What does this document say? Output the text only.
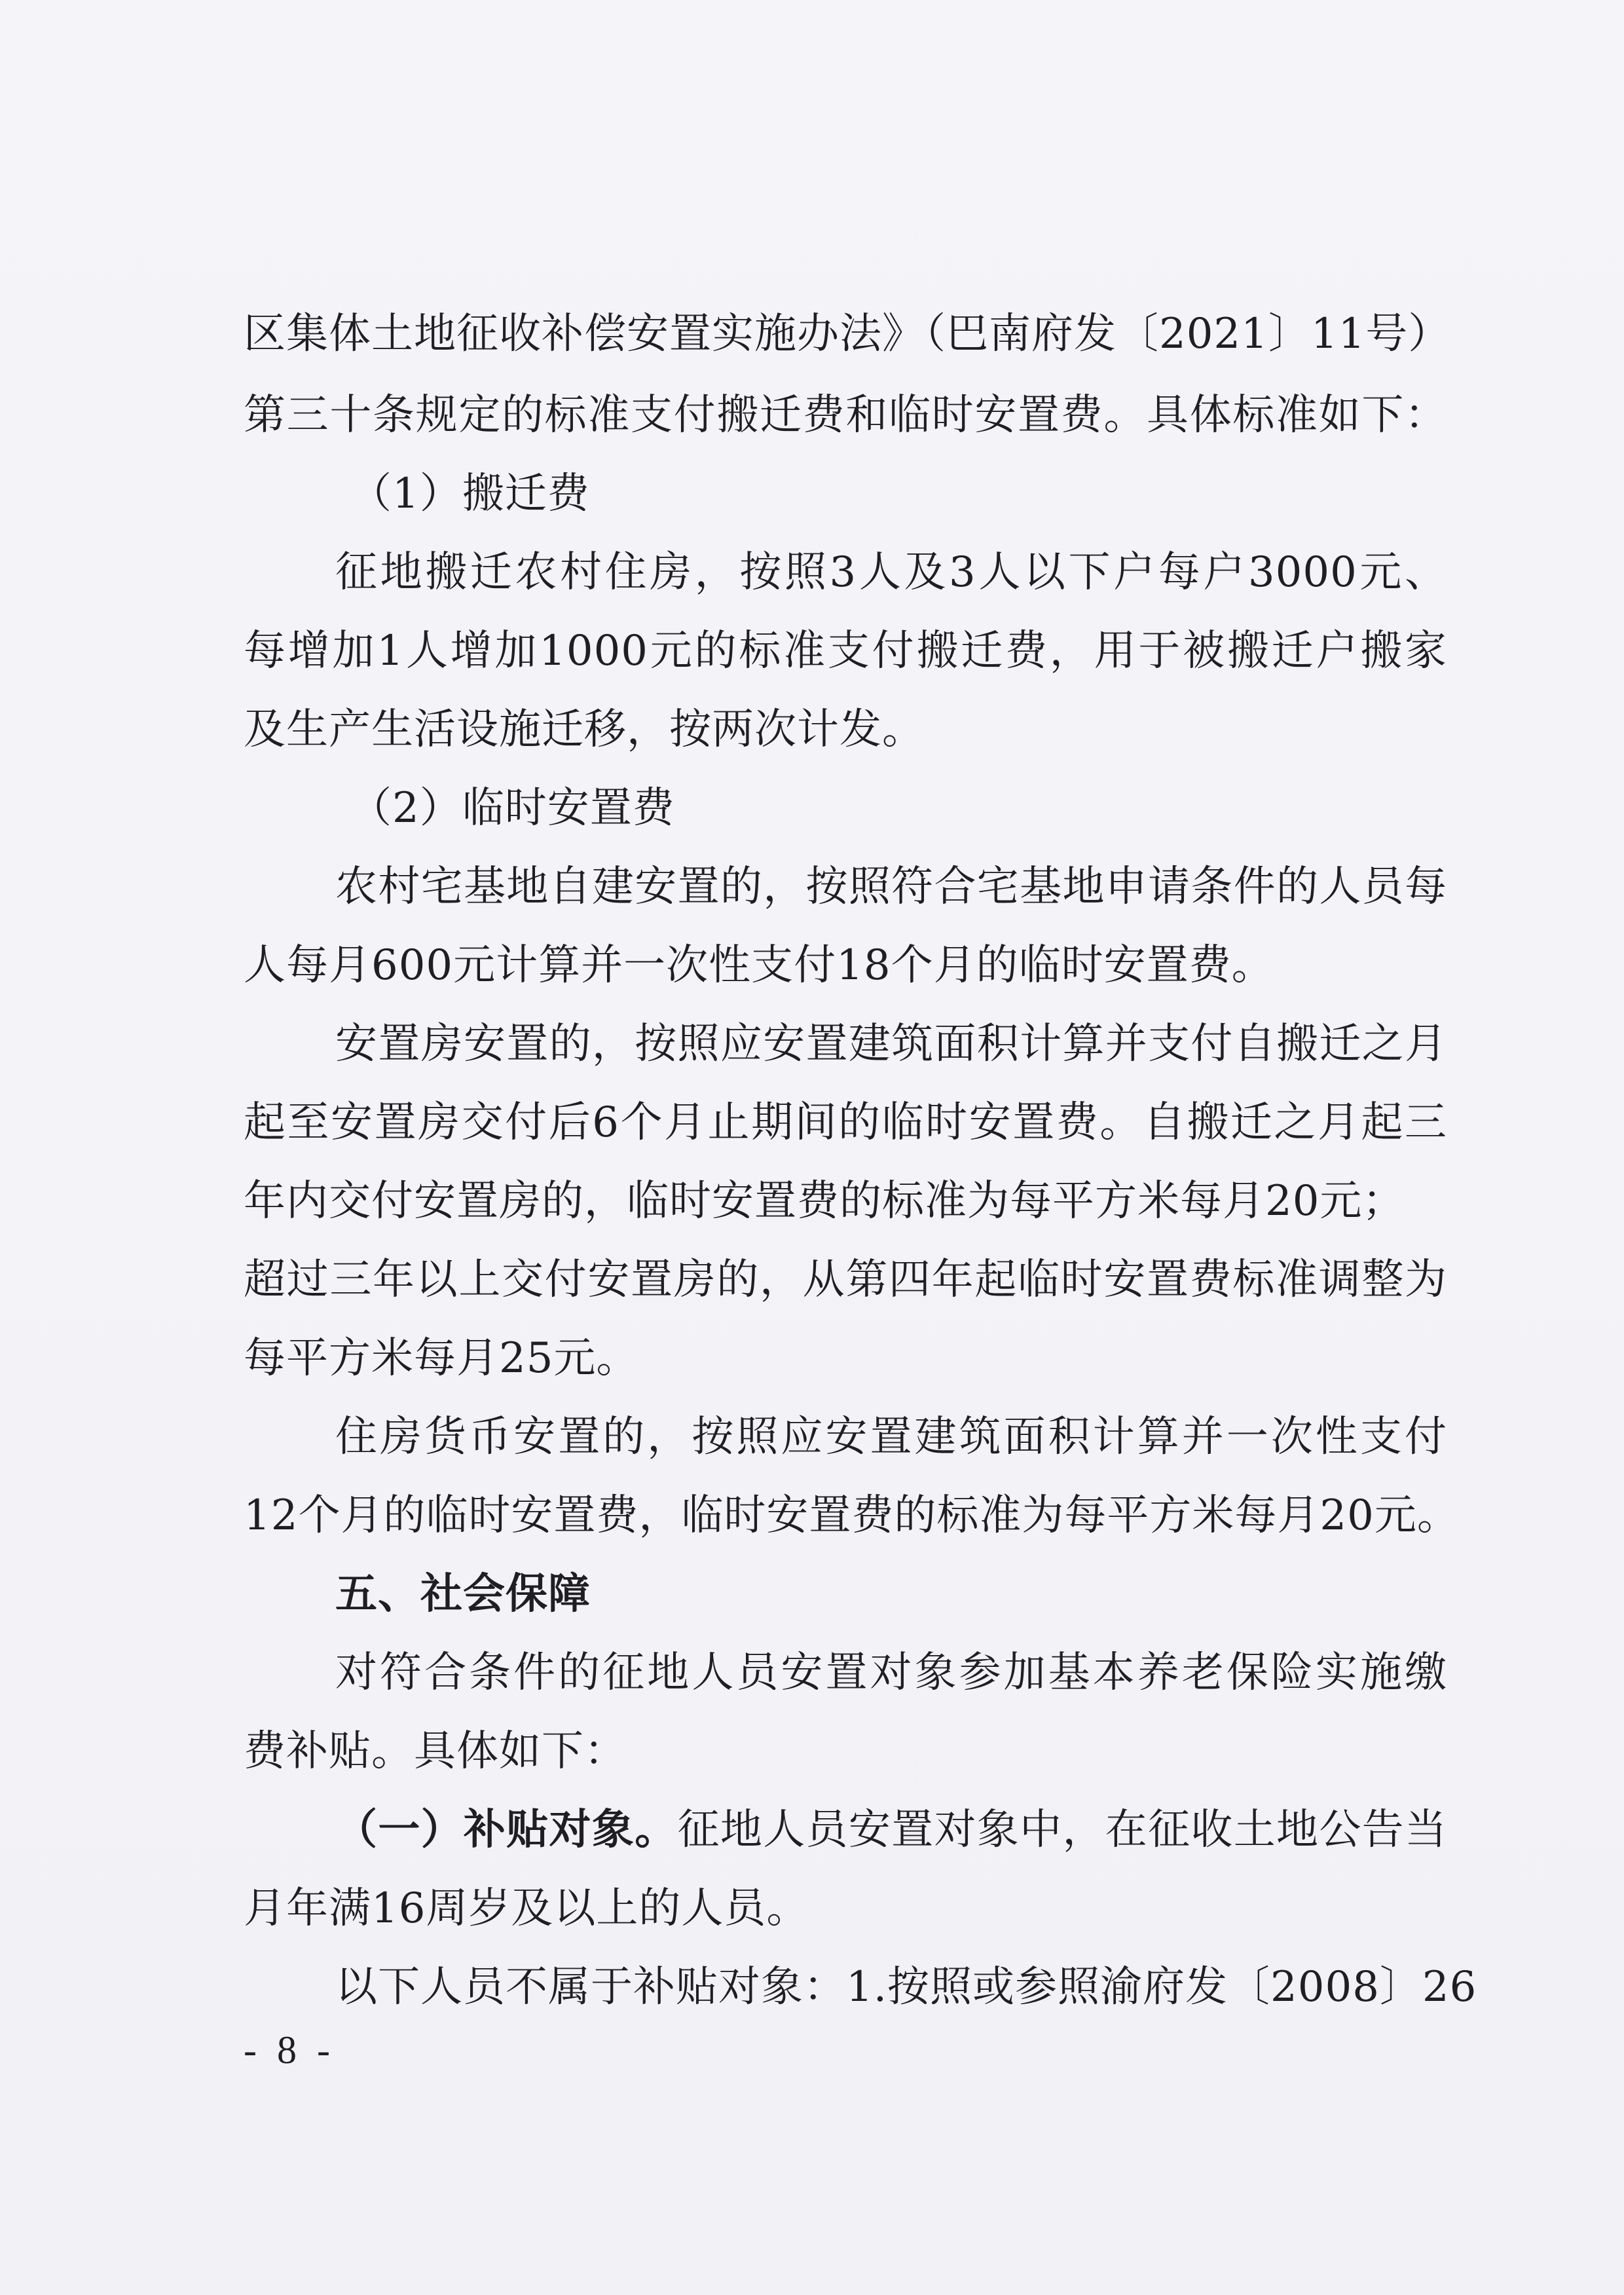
区集体土地征收补偿安置实施办法》（巴南府发〔2021〕11号）
第三十条规定的标准支付搬迁费和临时安置费。具体标准如下：
（1）搬迁费
征地搬迁农村住房，按照3人及3人以下户每户3000元、
每增加1人增加1000元的标准支付搬迁费，用于被搬迁户搬家
及生产生活设施迁移，按两次计发。
（2）临时安置费
农村宅基地自建安置的，按照符合宅基地申请条件的人员每
人每月600元计算并一次性支付18个月的临时安置费。
安置房安置的，按照应安置建筑面积计算并支付自搬迁之月
起至安置房交付后6个月止期间的临时安置费。自搬迁之月起三
年内交付安置房的，临时安置费的标准为每平方米每月20元；
超过三年以上交付安置房的，从第四年起临时安置费标准调整为
每平方米每月25元。
住房货币安置的，按照应安置建筑面积计算并一次性支付
12个月的临时安置费，临时安置费的标准为每平方米每月20元。
五、社会保障
对符合条件的征地人员安置对象参加基本养老保险实施缴
费补贴。具体如下：
（一）补贴对象。征地人员安置对象中，在征收土地公告当
月年满16周岁及以上的人员。
以下人员不属于补贴对象：1.按照或参照渝府发〔2008〕26
- 8 -
